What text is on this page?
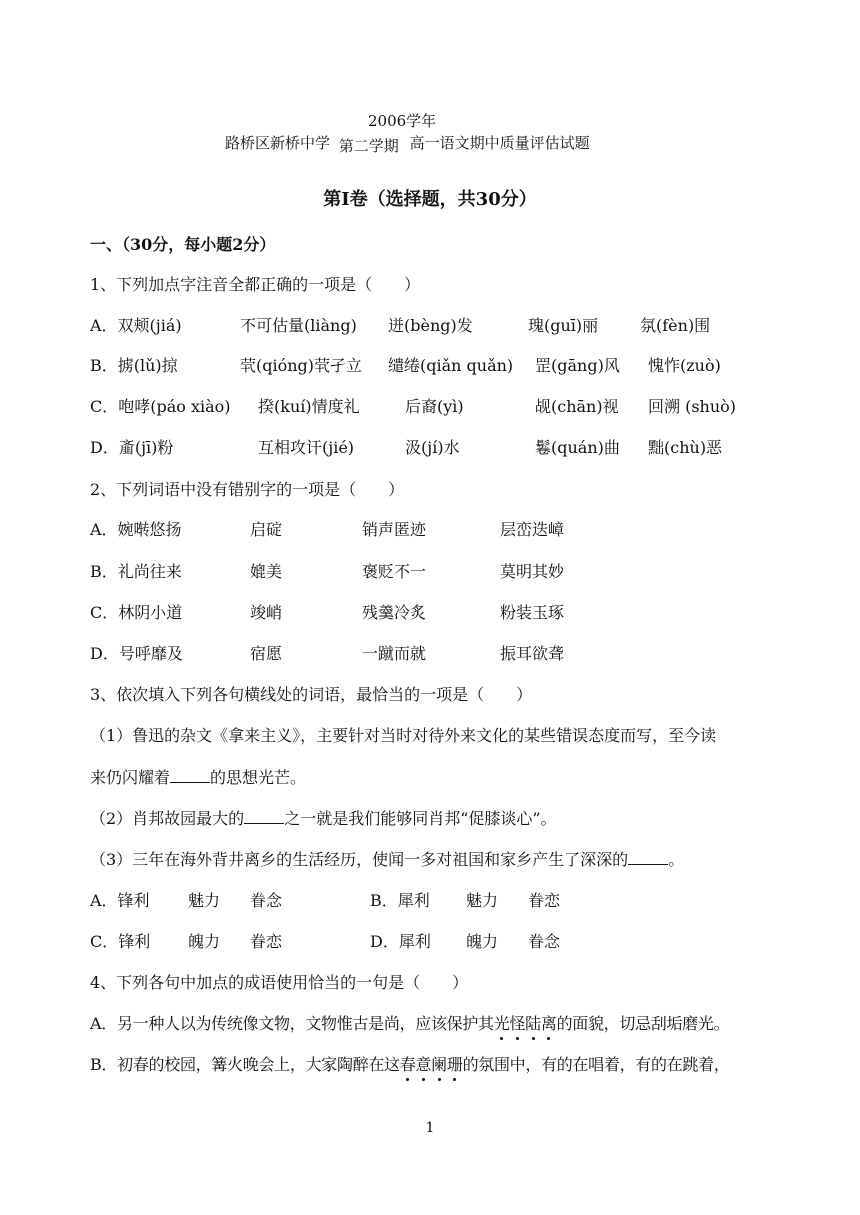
2006学年
路桥区新桥中学 第二学期 高一语文期中质量评估试题
第Ⅰ卷（选择题，共30分）
一、（30分，每小题2分）
1、下列加点字注音全都正确的一项是（　　）
A．双颊(jiá)	不可估量(liàng) 迸(bèng)发	瑰(guī)丽	氛(fèn)围
B．掳(lǔ)掠	茕(qióng)茕孑立 缱绻(qiǎn quǎn) 罡(gāng)风 愧怍(zuò)
C．咆哮(páo xiào) 揆(kuí)情度礼	后裔(yì)	觇(chān)视 回溯 (shuò)
D．齑(jī)粉	互相攻讦(jié)	汲(jí)水	鬈(quán)曲 黜(chù)恶
2、下列词语中没有错别字的一项是（　　）
A．婉啭悠扬	启碇	销声匿迹	层峦迭嶂
B．礼尚往来	媲美	褒贬不一	莫明其妙
C．林阴小道	竣峭	残羹冷炙	粉装玉琢
D．号呼靡及	宿愿	一蹴而就	振耳欲聋
3、依次填入下列各句横线处的词语，最恰当的一项是（　　）
（1）鲁迅的杂文《拿来主义》，主要针对当时对待外来文化的某些错误态度而写，至今读
来仍闪耀着	的思想光芒。
（2）肖邦故园最大的	之一就是我们能够同肖邦“促膝谈心”。
（3）三年在海外背井离乡的生活经历，使闻一多对祖国和家乡产生了深深的	。
A．锋利 魅力 眷念	B．犀利 魅力 眷恋
C．锋利 魄力 眷恋	D．犀利 魄力 眷念
4、下列各句中加点的成语使用恰当的一句是（　　）
A．另一种人以为传统像文物，文物惟古是尚，应该保护其光怪陆离的面貌，切忌刮垢磨光。
B．初春的校园，篝火晚会上，大家陶醉在这春意阑珊的氛围中，有的在唱着，有的在跳着，
1
